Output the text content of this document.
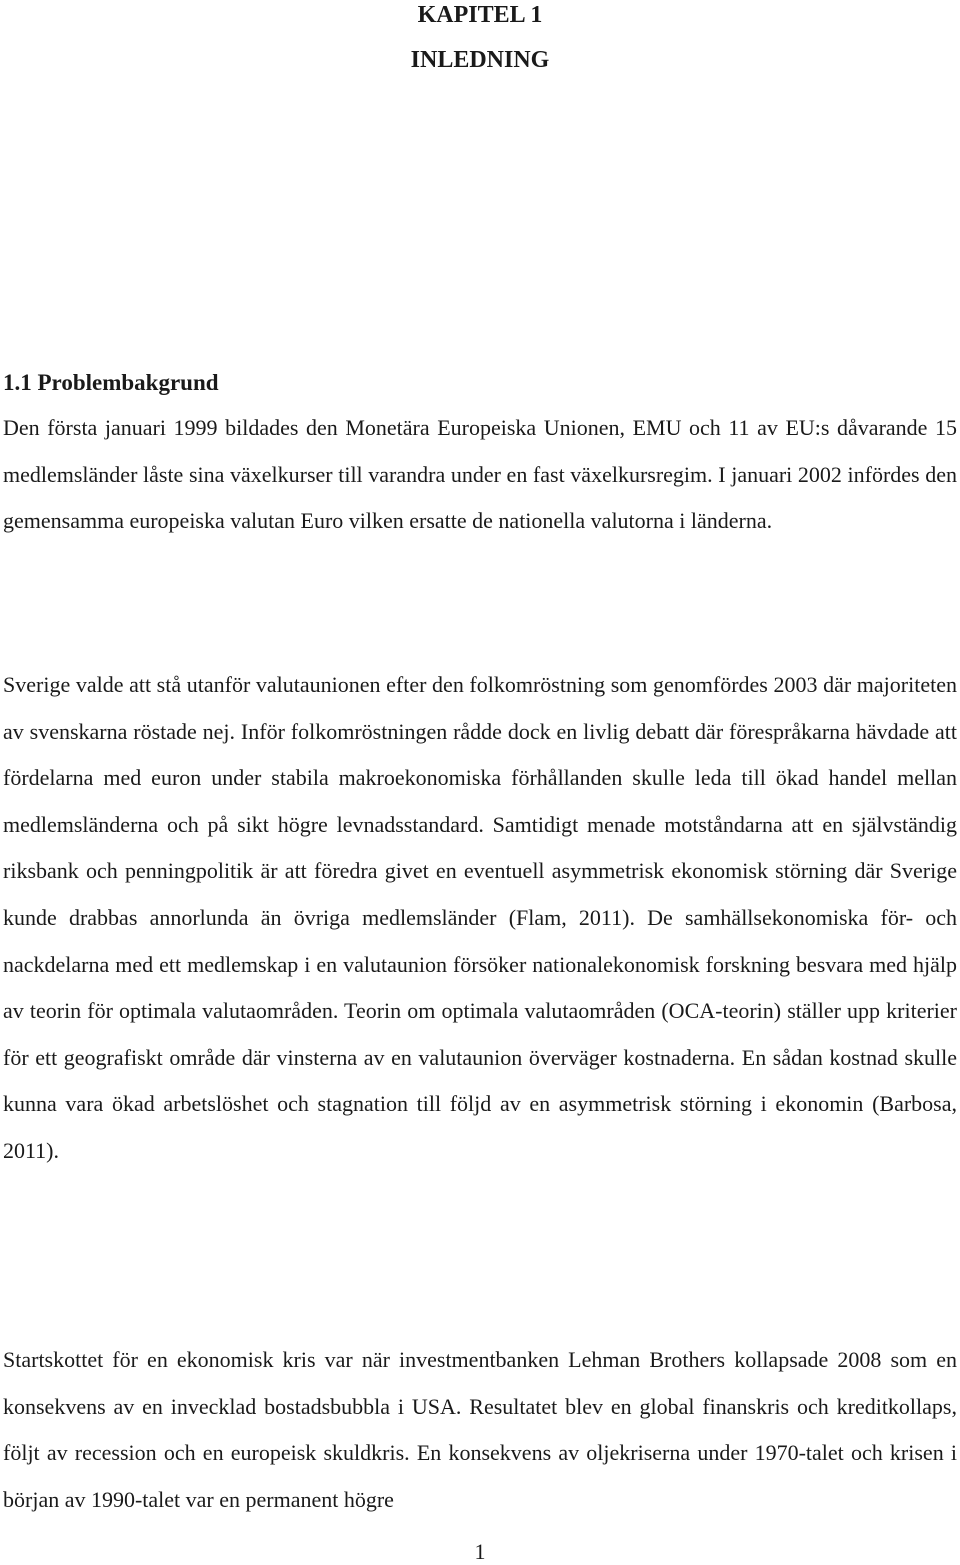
KAPITEL 1
INLEDNING
1.1 Problembakgrund

Den första januari 1999 bildades den Monetära Europeiska Unionen, EMU och 11 av EU:s dåvarande 15 medlemsländer låste sina växelkurser till varandra under en fast växelkursregim. I januari 2002 infördes den gemensamma europeiska valutan Euro vilken ersatte de nationella valutorna i länderna.

Sverige valde att stå utanför valutaunionen efter den folkomröstning som genomfördes 2003 där majoriteten av svenskarna röstade nej. Inför folkomröstningen rådde dock en livlig debatt där förespråkarna hävdade att fördelarna med euron under stabila makroekonomiska förhållanden skulle leda till ökad handel mellan medlemsländerna och på sikt högre levnadsstandard. Samtidigt menade motståndarna att en självständig riksbank och penningpolitik är att föredra givet en eventuell asymmetrisk ekonomisk störning där Sverige kunde drabbas annorlunda än övriga medlemsländer (Flam, 2011). De samhällsekonomiska för- och nackdelarna med ett medlemskap i en valutaunion försöker nationalekonomisk forskning besvara med hjälp av teorin för optimala valutaområden. Teorin om optimala valutaområden (OCA-teorin) ställer upp kriterier för ett geografiskt område där vinsterna av en valutaunion överväger kostnaderna. En sådan kostnad skulle kunna vara ökad arbetslöshet och stagnation till följd av en asymmetrisk störning i ekonomin (Barbosa, 2011).

Startskottet för en ekonomisk kris var när investmentbanken Lehman Brothers kollapsade 2008 som en konsekvens av en invecklad bostadsbubbla i USA. Resultatet blev en global finanskris och kreditkollaps, följt av recession och en europeisk skuldkris. En konsekvens av oljekriserna under 1970-talet och krisen i början av 1990-talet var en permanent högre

1
